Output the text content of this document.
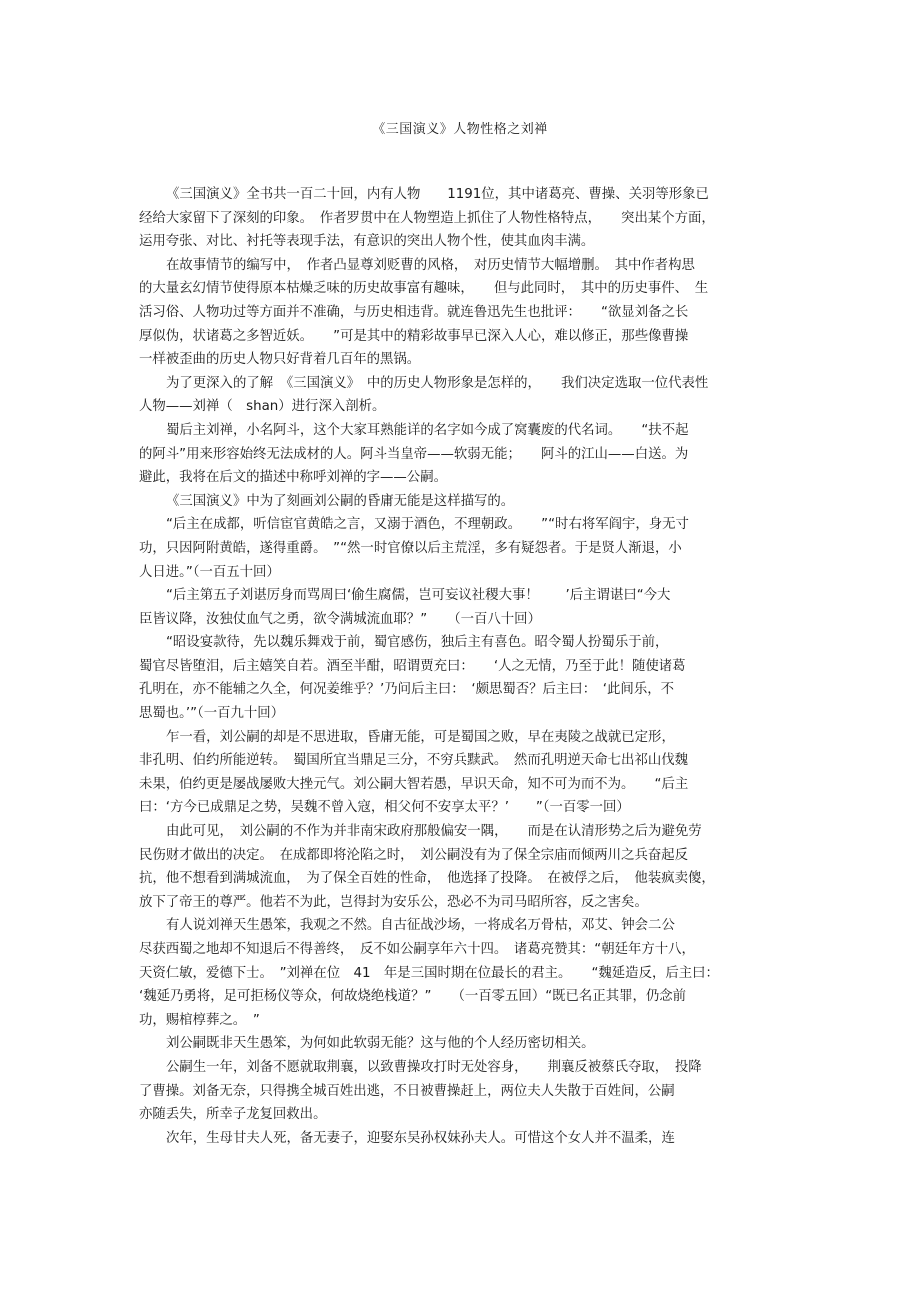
《三国演义》人物性格之刘禅
《三国演义》全书共一百二十回，内有人物　　1191位，其中诸葛亮、曹操、关羽等形象已
经给大家留下了深刻的印象。　作者罗贯中在人物塑造上抓住了人物性格特点，　　突出某个方面，
运用夸张、对比、衬托等表现手法，有意识的突出人物个性，使其血肉丰满。
在故事情节的编写中，　作者凸显尊刘贬曹的风格，　对历史情节大幅增删。　其中作者构思
的大量玄幻情节使得原本枯燥乏味的历史故事富有趣味，　　但与此同时，　其中的历史事件、　生
活习俗、人物功过等方面并不准确，与历史相违背。就连鲁迅先生也批评：　　“欲显刘备之长
厚似伪，状诸葛之多智近妖。　　”可是其中的精彩故事早已深入人心，难以修正，那些像曹操
一样被歪曲的历史人物只好背着几百年的黑锅。
为了更深入的了解　《三国演义》　中的历史人物形象是怎样的，　　我们决定选取一位代表性
人物——刘禅（　shan）进行深入剖析。
蜀后主刘禅，小名阿斗，这个大家耳熟能详的名字如今成了窝囊废的代名词。　　“扶不起
的阿斗”用来形容始终无法成材的人。阿斗当皇帝——软弱无能；　　阿斗的江山——白送。为
避此，我将在后文的描述中称呼刘禅的字——公嗣。
《三国演义》中为了刻画刘公嗣的昏庸无能是这样描写的。
“后主在成都，听信宦官黄皓之言，又溺于酒色，不理朝政。　　”“时右将军阎宇，身无寸
功，只因阿附黄皓，遂得重爵。　”“然一时官僚以后主荒淫，多有疑怨者。于是贤人渐退，小
人日进。”（一百五十回）
“后主第五子刘谌厉身而骂周曰‘偷生腐儒，岂可妄议社稷大事！　　’后主谓谌曰“今大
臣皆议降，汝独仗血气之勇，欲令满城流血耶？”　　（一百八十回）
“昭设宴款待，先以魏乐舞戏于前，蜀官感伤，独后主有喜色。昭令蜀人扮蜀乐于前，
蜀官尽皆堕泪，后主嬉笑自若。酒至半酣，昭谓贾充曰：　　‘人之无情，乃至于此！随使诸葛
孔明在，亦不能辅之久全，何况姜维乎？’乃问后主曰：　‘颇思蜀否？后主曰：　‘此间乐，不
思蜀也。’”（一百九十回）
乍一看，刘公嗣的却是不思进取，昏庸无能，可是蜀国之败，早在夷陵之战就已定形，
非孔明、伯约所能逆转。　蜀国所宜当鼎足三分，不穷兵黩武。　然而孔明逆天命七出祁山伐魏
未果，伯约更是屡战屡败大挫元气。刘公嗣大智若愚，早识天命，知不可为而不为。　　“后主
曰：‘方今已成鼎足之势，吴魏不曾入寇，相父何不安享太平？’　　”（一百零一回）
由此可见，　刘公嗣的不作为并非南宋政府那般偏安一隅，　　而是在认清形势之后为避免劳
民伤财才做出的决定。　在成都即将沦陷之时，　刘公嗣没有为了保全宗庙而倾两川之兵奋起反
抗，他不想看到满城流血，　为了保全百姓的性命，　他选择了投降。　在被俘之后，　他装疯卖傻，
放下了帝王的尊严。他若不为此，岂得封为安乐公，恐必不为司马昭所容，反之害矣。
有人说刘禅天生愚笨，我观之不然。自古征战沙场，一将成名万骨枯，邓艾、钟会二公
尽获西蜀之地却不知退后不得善终，　反不如公嗣享年六十四。　诸葛亮赞其：“朝廷年方十八，
天资仁敏，爱德下士。　”刘禅在位　41　年是三国时期在位最长的君主。　　“魏延造反，后主曰：
‘魏延乃勇将，足可拒杨仪等众，何故烧绝栈道？”　　（一百零五回）“既已名正其罪，仍念前
功，赐棺椁葬之。　”
刘公嗣既非天生愚笨，为何如此软弱无能？这与他的个人经历密切相关。
公嗣生一年，刘备不愿就取荆襄，以致曹操攻打时无处容身，　　荆襄反被蔡氏夺取，　投降
了曹操。刘备无奈，只得携全城百姓出逃，不日被曹操赶上，两位夫人失散于百姓间，公嗣
亦随丢失，所幸子龙复回救出。
次年，生母甘夫人死，备无妻子，迎娶东吴孙权妹孙夫人。可惜这个女人并不温柔，连
